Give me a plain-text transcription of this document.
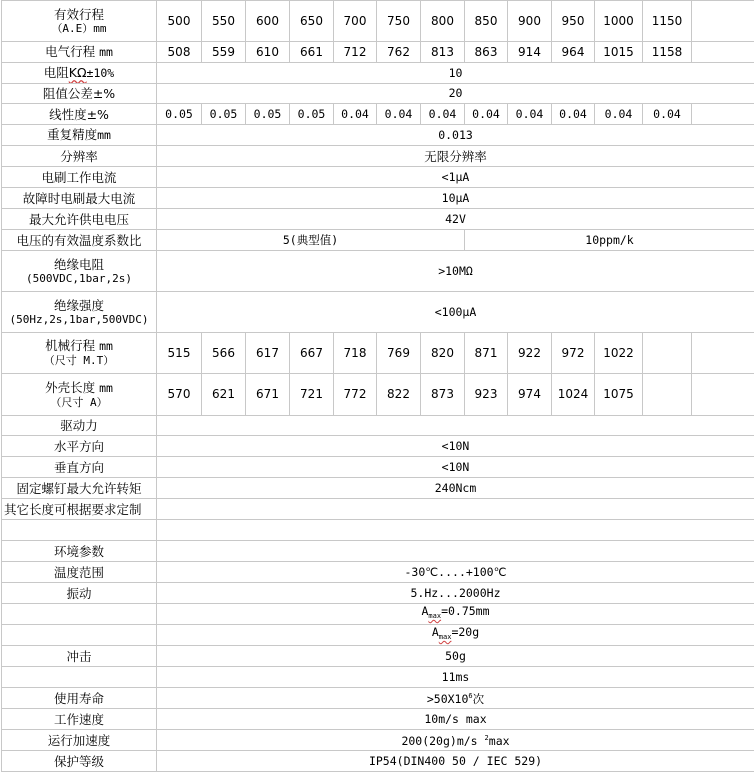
有效行程
（A.E）mm	500	550	600	650	700	750	800	850	900	950	1000	1150	
电气行程 mm	508	559	610	661	712	762	813	863	914	964	1015	1158	
电阻KΩ±10%	10												
阻值公差±%	20												
线性度±%	0.05	0.05	0.05	0.05	0.04	0.04	0.04	0.04	0.04	0.04	0.04	0.04	
重复精度mm	0.013												
分辨率	无限分辨率												
电刷工作电流	<1μA												
故障时电刷最大电流	10μA												
最大允许供电电压	42V												
电压的有效温度系数比	5(典型值)							10ppm/k					
绝缘电阻
(500VDC,1bar,2s)	>10MΩ												
绝缘强度
(50Hz,2s,1bar,500VDC)	<100μA												
机械行程 mm
（尺寸 M.T）	515	566	617	667	718	769	820	871	922	972	1022		
外壳长度 mm
（尺寸 A）	570	621	671	721	772	822	873	923	974	1024	1075		
驱动力													
水平方向	<10N												
垂直方向	<10N												
固定螺钉最大允许转矩	240Ncm												
其它长度可根据要求定制													

环境参数													
温度范围	-30℃....+100℃												
振动	5.Hz...2000Hz												
	$A_{max}=0.75mm$												
	$A_{max}=20g$												
冲击	50g												
	11ms												
使用寿命	$>50X10^6$次												
工作速度	10m/s max												
运行加速度	200(20g)m/s $^2$max												
保护等级	IP54(DIN400 50 / IEC 529)												
